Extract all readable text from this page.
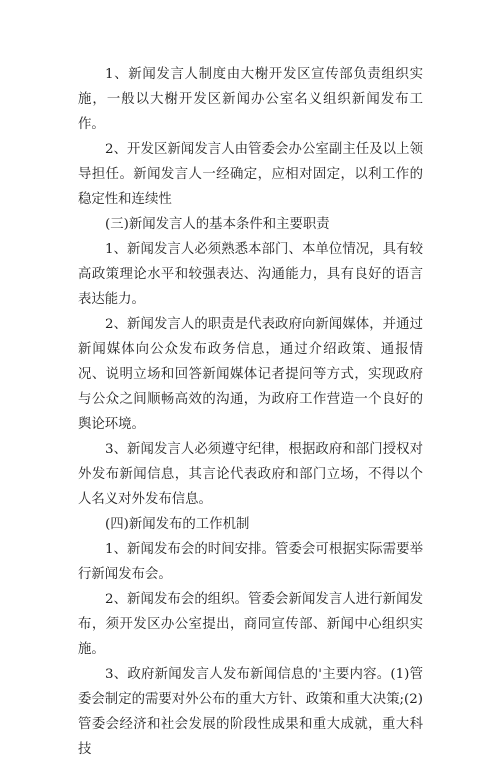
1、新闻发言人制度由大榭开发区宣传部负责组织实施，一般以大榭开发区新闻办公室名义组织新闻发布工作。

2、开发区新闻发言人由管委会办公室副主任及以上领导担任。新闻发言人一经确定，应相对固定，以利工作的稳定性和连续性

(三)新闻发言人的基本条件和主要职责

1、新闻发言人必须熟悉本部门、本单位情况，具有较高政策理论水平和较强表达、沟通能力，具有良好的语言表达能力。

2、新闻发言人的职责是代表政府向新闻媒体，并通过新闻媒体向公众发布政务信息，通过介绍政策、通报情况、说明立场和回答新闻媒体记者提问等方式，实现政府与公众之间顺畅高效的沟通，为政府工作营造一个良好的舆论环境。

3、新闻发言人必须遵守纪律，根据政府和部门授权对外发布新闻信息，其言论代表政府和部门立场，不得以个人名义对外发布信息。

(四)新闻发布的工作机制

1、新闻发布会的时间安排。管委会可根据实际需要举行新闻发布会。

2、新闻发布会的组织。管委会新闻发言人进行新闻发布，须开发区办公室提出，商同宣传部、新闻中心组织实施。

3、政府新闻发言人发布新闻信息的'主要内容。(1)管委会制定的需要对外公布的重大方针、政策和重大决策;(2)管委会经济和社会发展的阶段性成果和重大成就，重大科技
